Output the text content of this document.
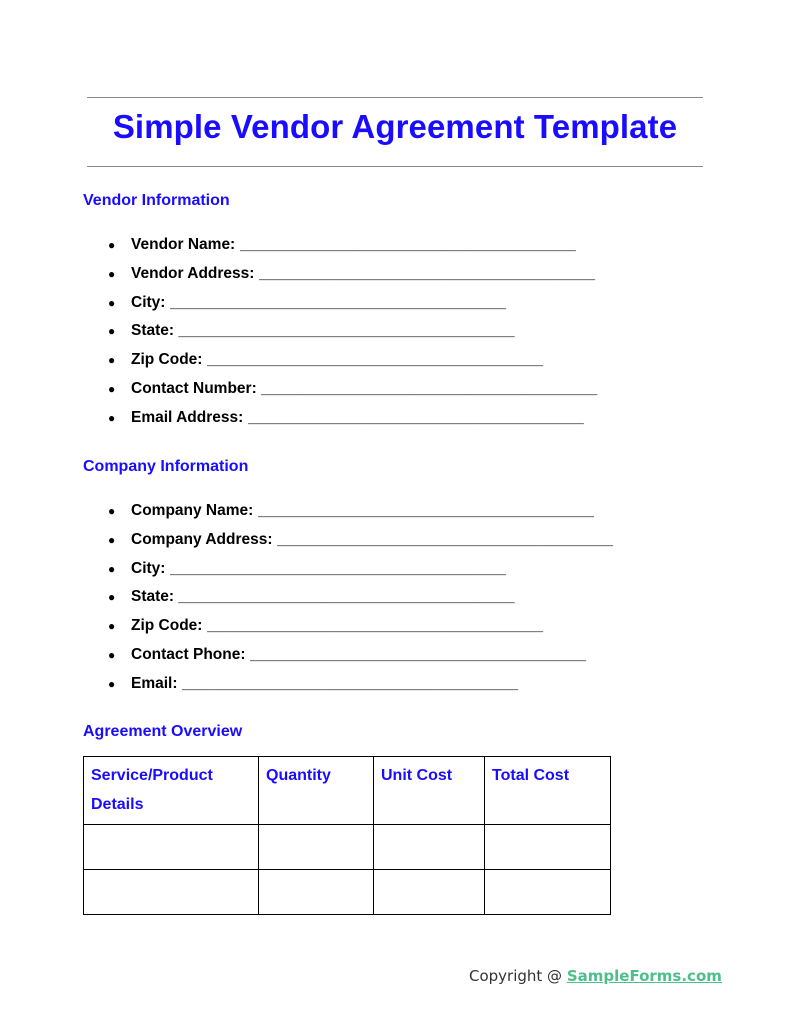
Simple Vendor Agreement Template
Vendor Information
●	Vendor Name:
_______________________________________
●	Vendor Address:
_______________________________________
●	City:
_______________________________________
●	State:
_______________________________________
●	Zip Code:
_______________________________________
●	Contact Number:
_______________________________________
●	Email Address:
_______________________________________
Company Information
●	Company Name:
_______________________________________
●	Company Address:
_______________________________________
●	City:
_______________________________________
●	State:
_______________________________________
●	Zip Code:
_______________________________________
●	Contact Phone:
_______________________________________
●	Email:
_______________________________________
Agreement Overview
Service/Product Details	Quantity	Unit Cost	Total Cost

Copyright @ SampleForms.com
